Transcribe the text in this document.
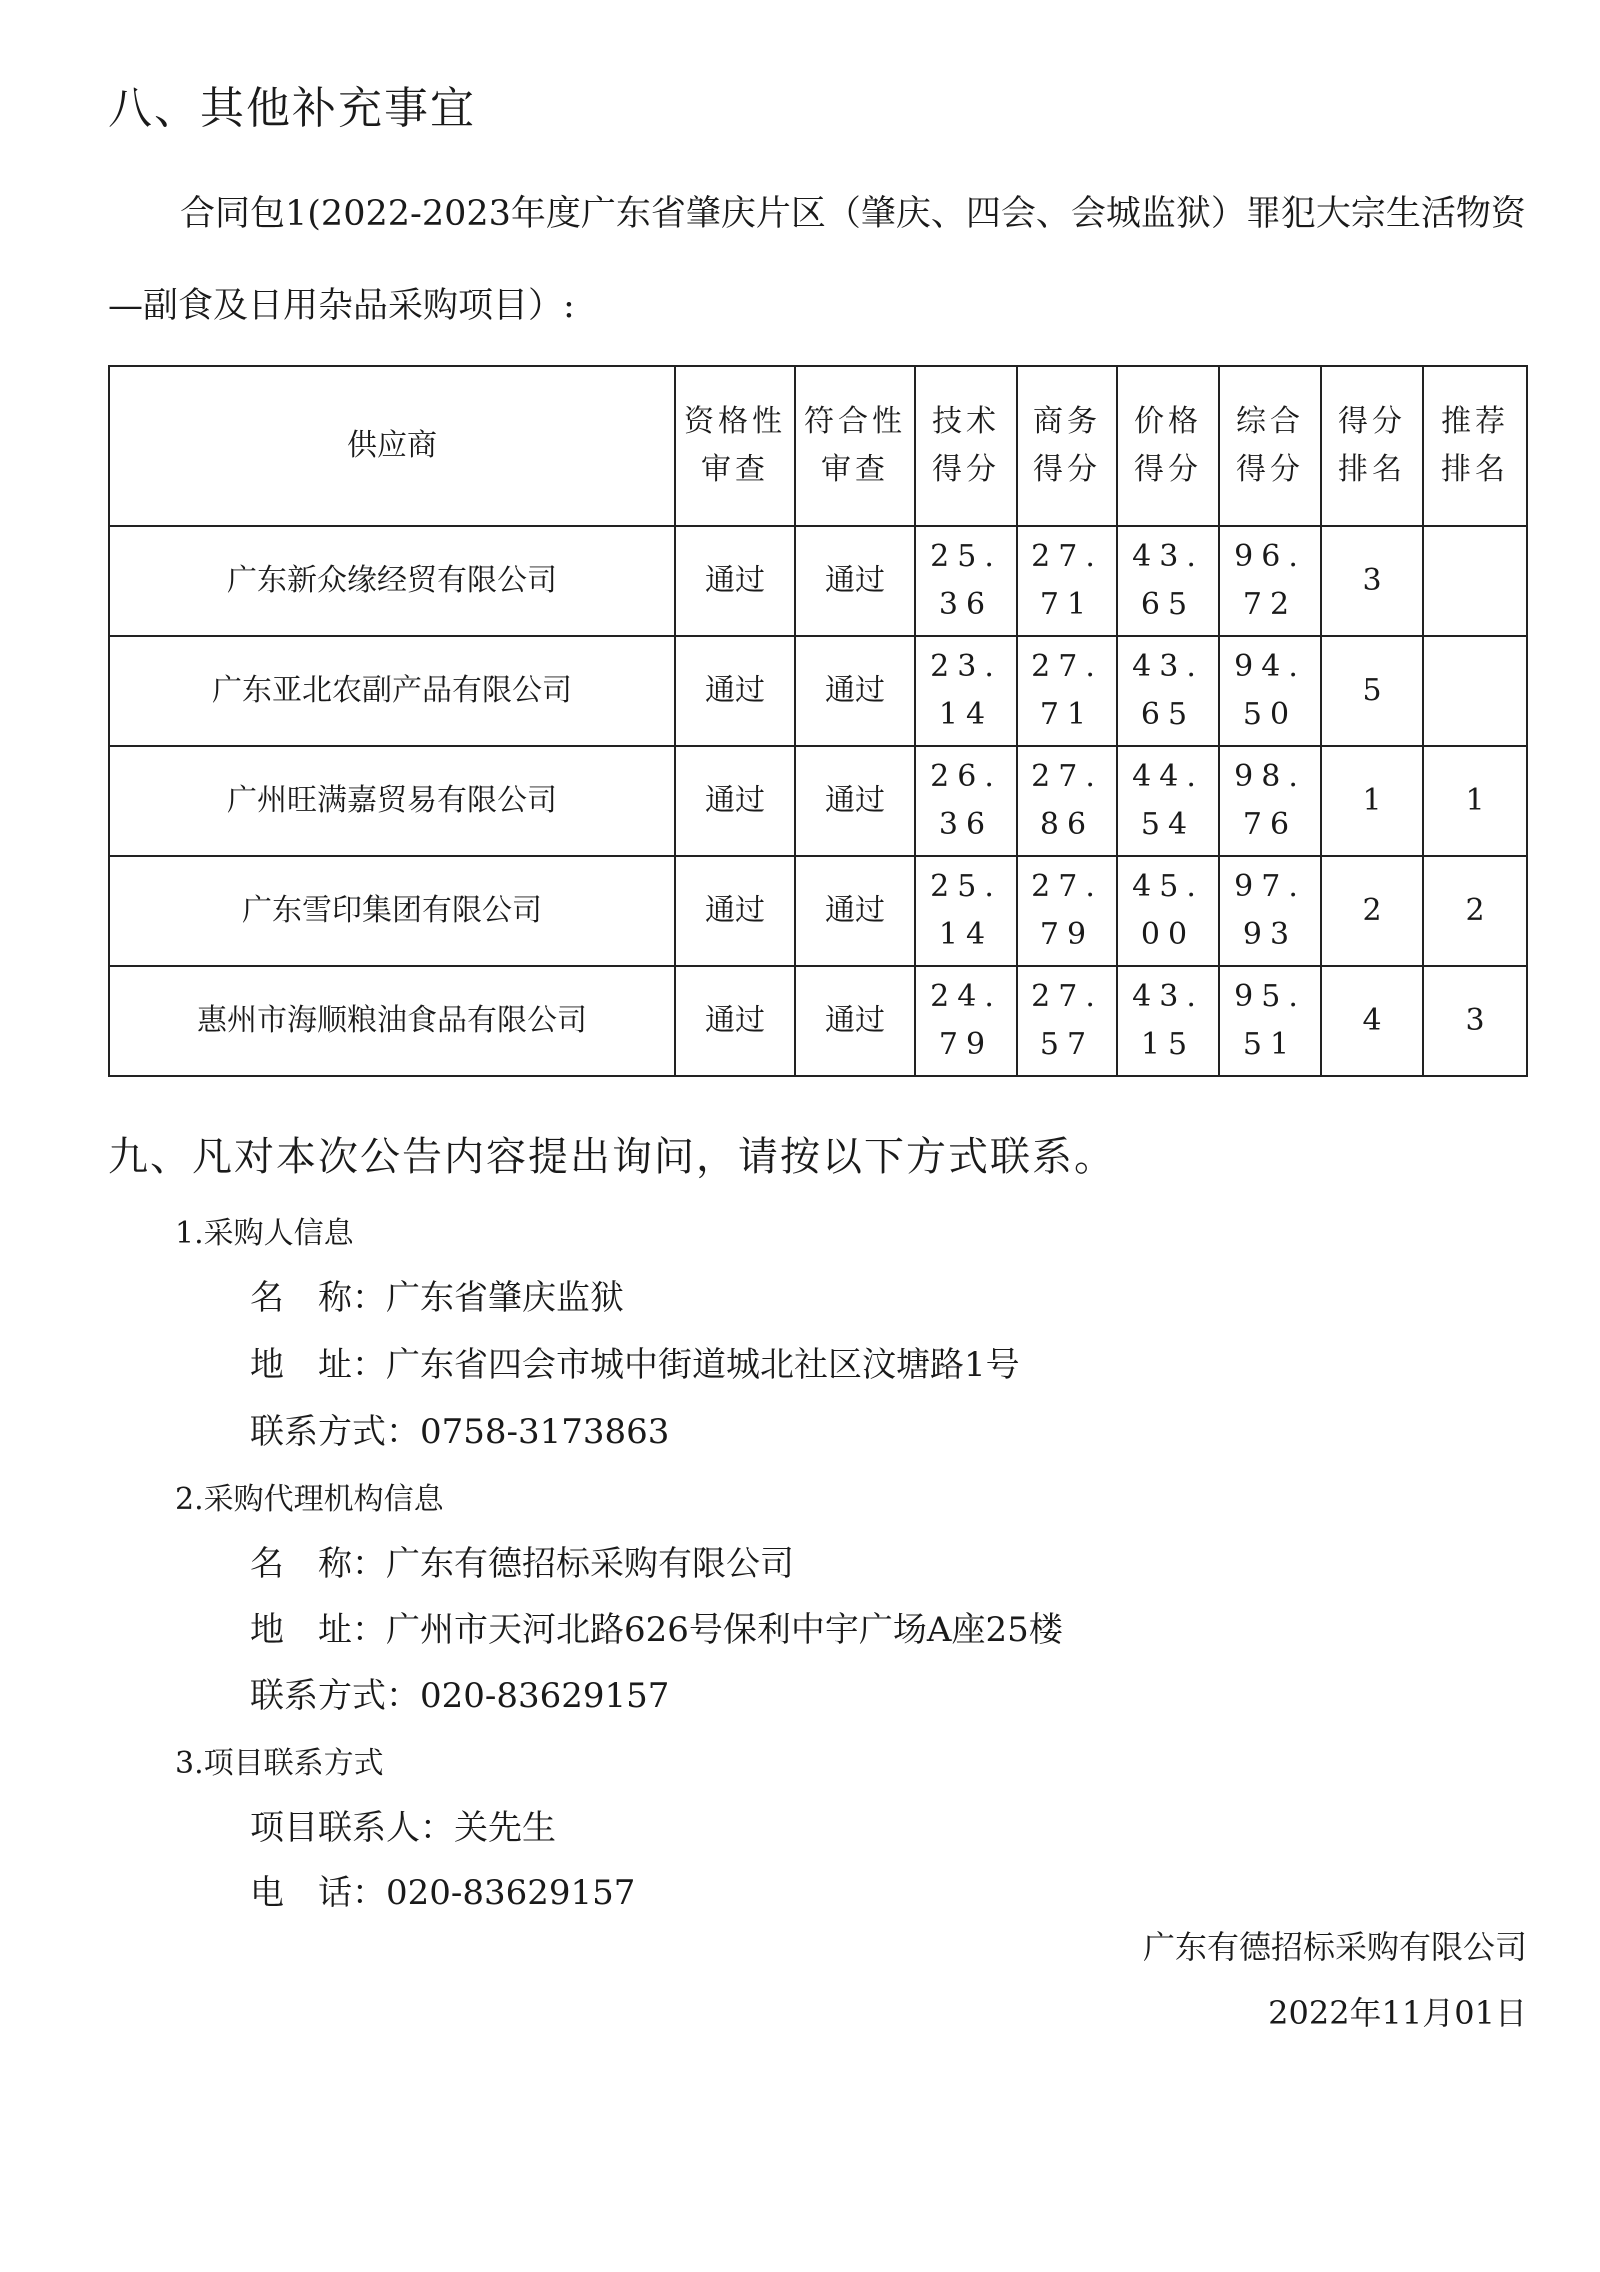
八、其他补充事宜
合同包1(2022-2023年度广东省肇庆片区（肇庆、四会、会城监狱）罪犯大宗生活物资—副食及日用杂品采购项目）:
供应商	资格性审查	符合性审查	技术得分	商务得分	价格得分	综合得分	得分排名	推荐排名
广东新众缘经贸有限公司	通过	通过	25.36	27.71	43.65	96.72	3	
广东亚北农副产品有限公司	通过	通过	23.14	27.71	43.65	94.50	5	
广州旺满嘉贸易有限公司	通过	通过	26.36	27.86	44.54	98.76	1	1
广东雪印集团有限公司	通过	通过	25.14	27.79	45.00	97.93	2	2
惠州市海顺粮油食品有限公司	通过	通过	24.79	27.57	43.15	95.51	4	3
九、凡对本次公告内容提出询问，请按以下方式联系。
1.采购人信息
名　称：广东省肇庆监狱
地　址：广东省四会市城中街道城北社区汶塘路1号
联系方式：0758-3173863
2.采购代理机构信息
名　称：广东有德招标采购有限公司
地　址：广州市天河北路626号保利中宇广场A座25楼
联系方式：020-83629157
3.项目联系方式
项目联系人：关先生
电　话：020-83629157
广东有德招标采购有限公司
2022年11月01日
